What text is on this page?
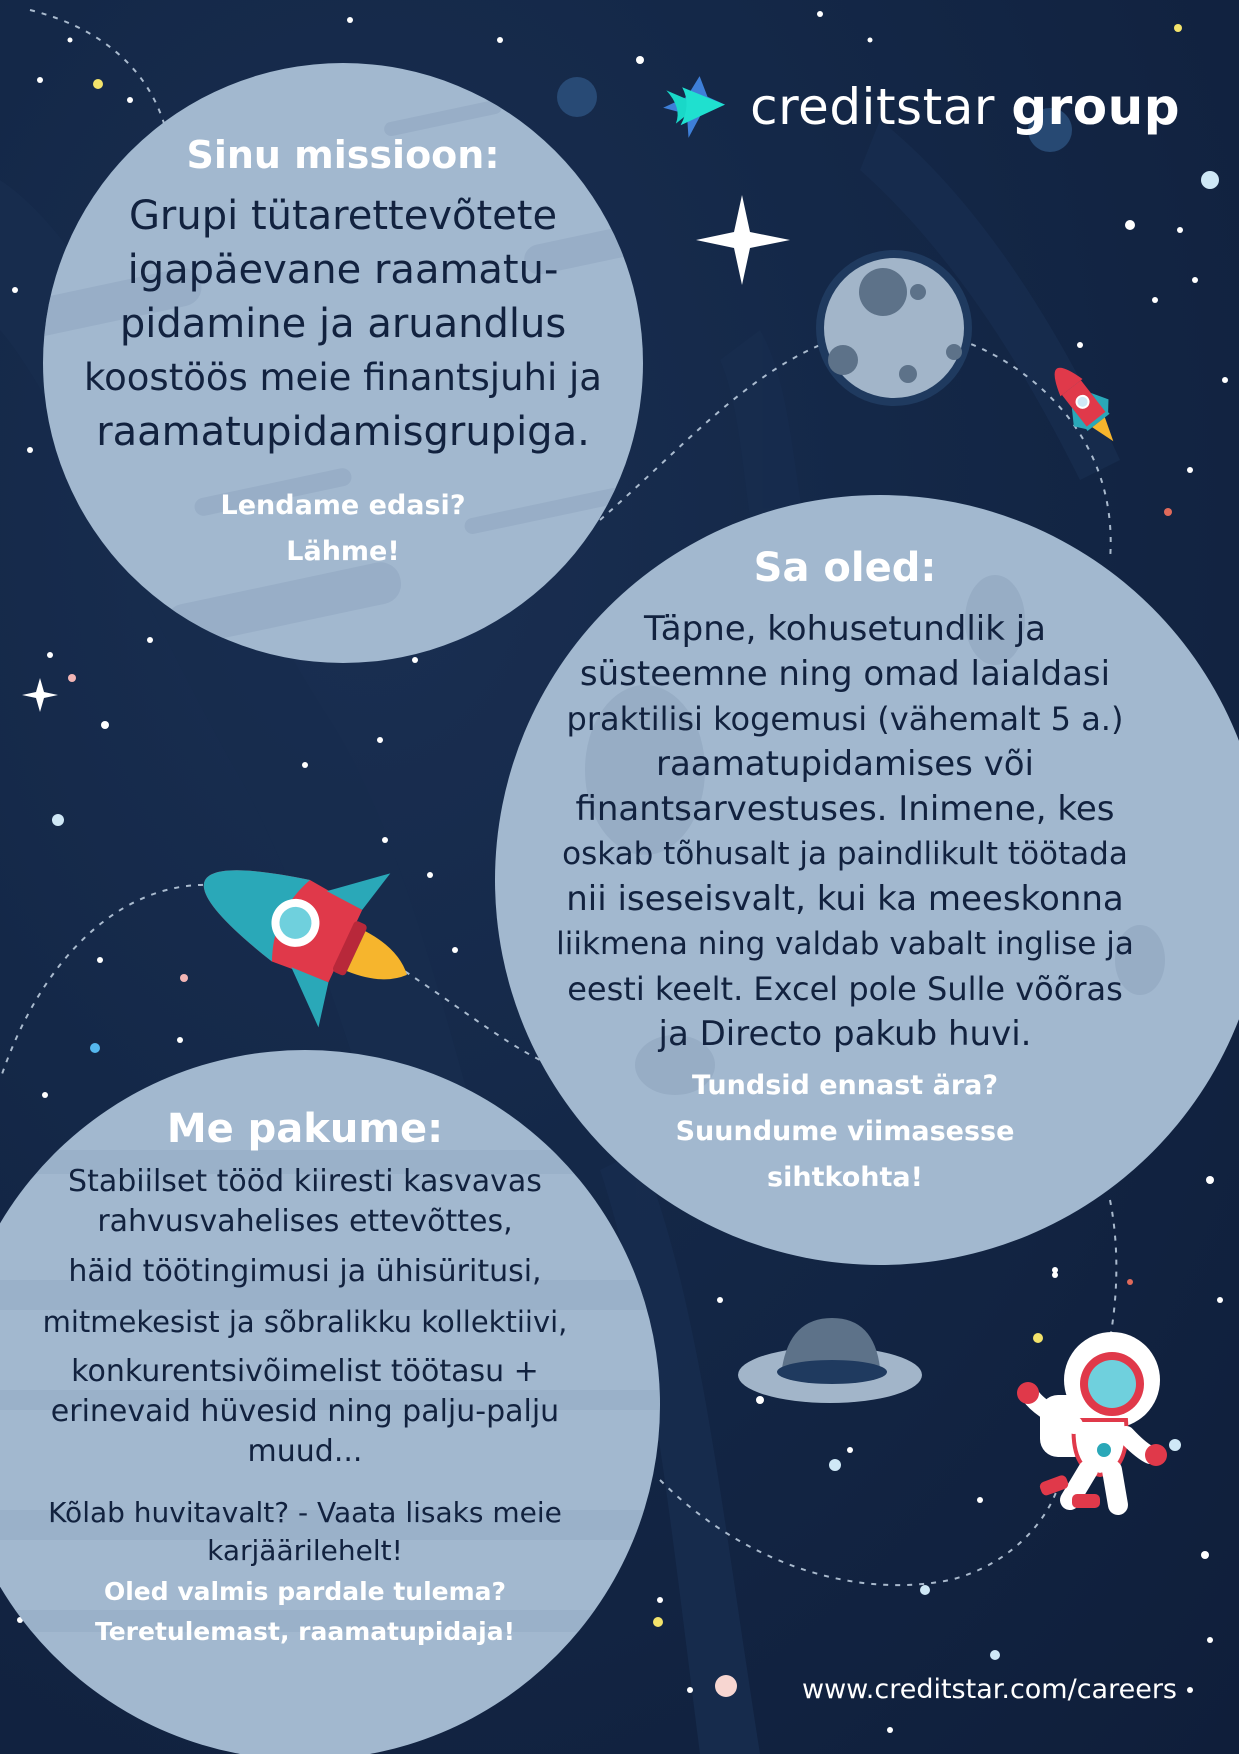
creditstar group
Sinu missioon:
Grupi tütarettevõtete
igapäevane raamatu-
pidamine ja aruandlus
koostöös meie finantsjuhi ja
raamatupidamisgrupiga.
Lendame edasi?
Lähme!	Sa oled:
Täpne, kohusetundlik ja
süsteemne ning omad laialdasi
praktilisi kogemusi (vähemalt 5 a.)
raamatupidamises või
finantsarvestuses. Inimene, kes
oskab tõhusalt ja paindlikult töötada
nii iseseisvalt, kui ka meeskonna
liikmena ning valdab vabalt inglise ja
eesti keelt. Excel pole Sulle võõras
ja Directo pakub huvi.
Tundsid ennast ära?
Suundume viimasesse
sihtkohta!
Me pakume:
Stabiilset tööd kiiresti kasvavas
rahvusvahelises ettevõttes,
häid töötingimusi ja ühisüritusi,
mitmekesist ja sõbralikku kollektiivi,
konkurentsivõimelist töötasu +
erinevaid hüvesid ning palju-palju
muud...
Kõlab huvitavalt? - Vaata lisaks meie
karjäärilehelt!
Oled valmis pardale tulema?
Teretulemast, raamatupidaja!
www.creditstar.com/careers
